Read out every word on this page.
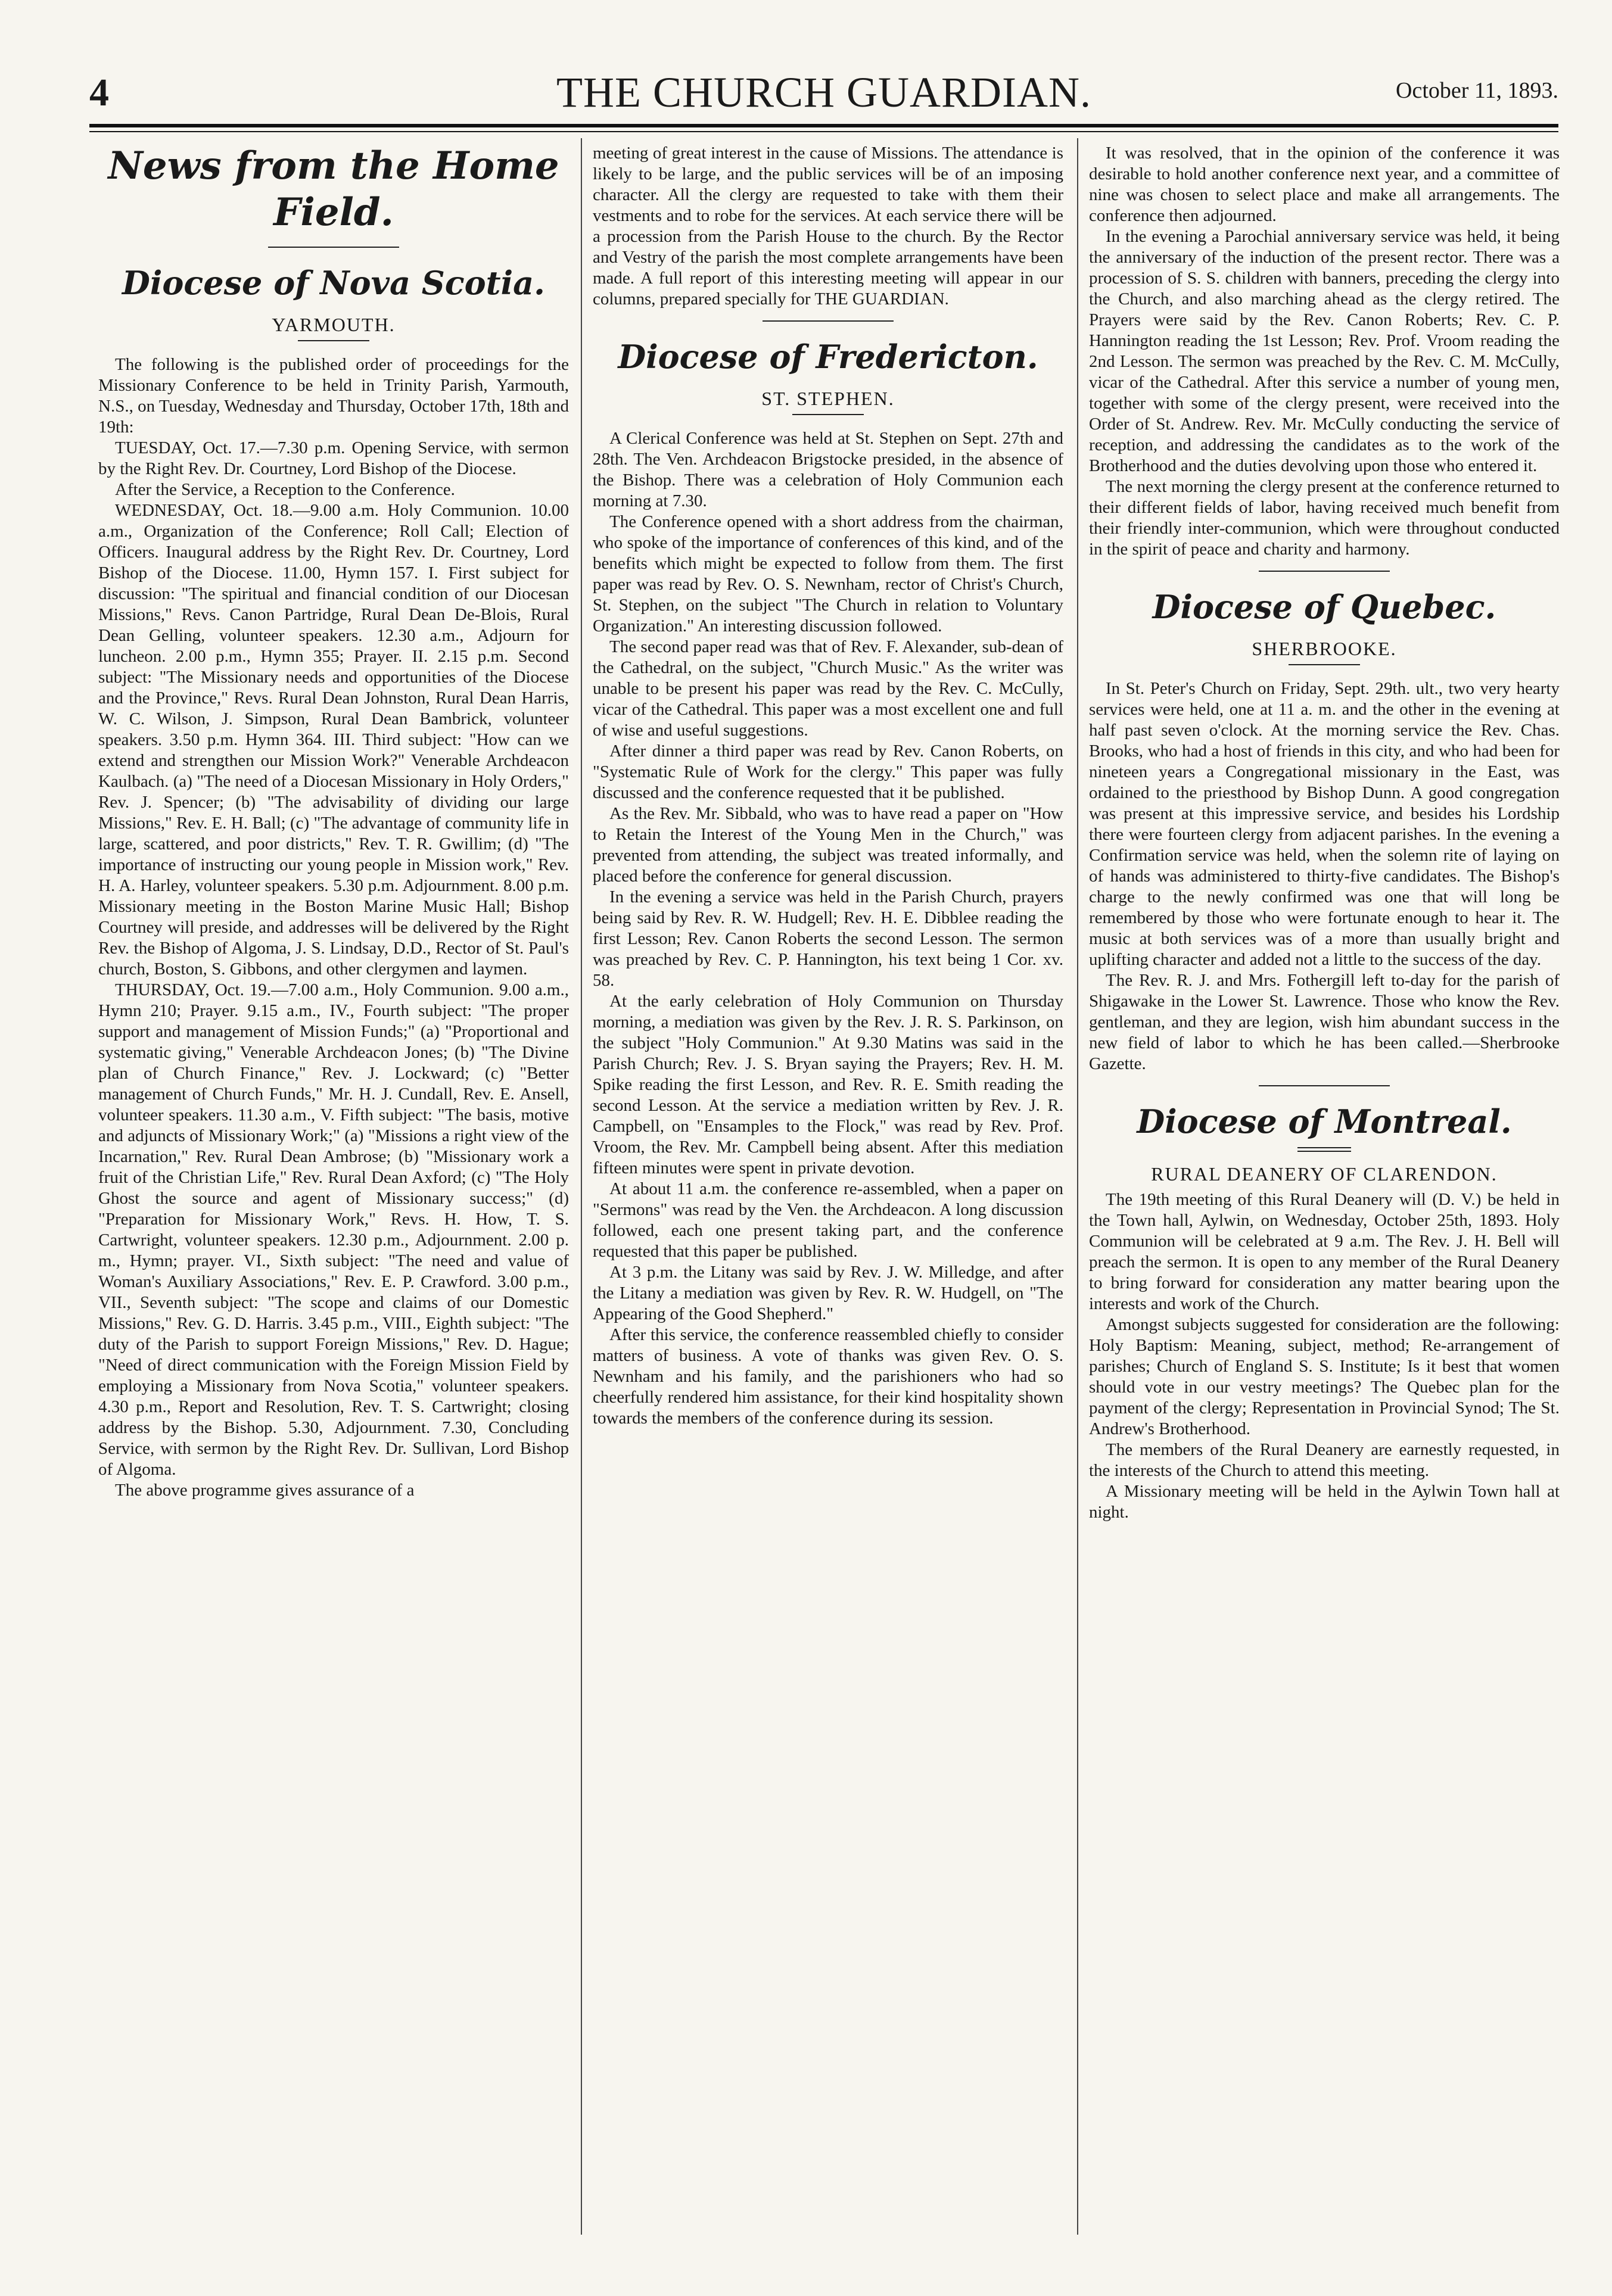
4	THE CHURCH GUARDIAN.	October 11, 1893.
News from the Home Field.
Diocese of Nova Scotia.
YARMOUTH.

The following is the published order of proceedings for the Missionary Conference to be held in Trinity Parish, Yarmouth, N.S., on Tuesday, Wednesday and Thursday, October 17th, 18th and 19th:

TUESDAY, Oct. 17.—7.30 p.m. Opening Service, with sermon by the Right Rev. Dr. Courtney, Lord Bishop of the Diocese.

After the Service, a Reception to the Conference.

WEDNESDAY, Oct. 18.—9.00 a.m. Holy Communion. 10.00 a.m., Organization of the Conference; Roll Call; Election of Officers. Inaugural address by the Right Rev. Dr. Courtney, Lord Bishop of the Diocese. 11.00, Hymn 157. I. First subject for discussion: "The spiritual and financial condition of our Diocesan Missions," Revs. Canon Partridge, Rural Dean De-Blois, Rural Dean Gelling, volunteer speakers. 12.30 a.m., Adjourn for luncheon. 2.00 p.m., Hymn 355; Prayer. II. 2.15 p.m. Second subject: "The Missionary needs and opportunities of the Diocese and the Province," Revs. Rural Dean Johnston, Rural Dean Harris, W. C. Wilson, J. Simpson, Rural Dean Bambrick, volunteer speakers. 3.50 p.m. Hymn 364. III. Third subject: "How can we extend and strengthen our Mission Work?" Venerable Archdeacon Kaulbach. (a) "The need of a Diocesan Missionary in Holy Orders," Rev. J. Spencer; (b) "The advisability of dividing our large Missions," Rev. E. H. Ball; (c) "The advantage of community life in large, scattered, and poor districts," Rev. T. R. Gwillim; (d) "The importance of instructing our young people in Mission work," Rev. H. A. Harley, volunteer speakers. 5.30 p.m. Adjournment. 8.00 p.m. Missionary meeting in the Boston Marine Music Hall; Bishop Courtney will preside, and addresses will be delivered by the Right Rev. the Bishop of Algoma, J. S. Lindsay, D.D., Rector of St. Paul's church, Boston, S. Gibbons, and other clergymen and laymen.

THURSDAY, Oct. 19.—7.00 a.m., Holy Communion. 9.00 a.m., Hymn 210; Prayer. 9.15 a.m., IV., Fourth subject: "The proper support and management of Mission Funds;" (a) "Proportional and systematic giving," Venerable Archdeacon Jones; (b) "The Divine plan of Church Finance," Rev. J. Lockward; (c) "Better management of Church Funds," Mr. H. J. Cundall, Rev. E. Ansell, volunteer speakers. 11.30 a.m., V. Fifth subject: "The basis, motive and adjuncts of Missionary Work;" (a) "Missions a right view of the Incarnation," Rev. Rural Dean Ambrose; (b) "Missionary work a fruit of the Christian Life," Rev. Rural Dean Axford; (c) "The Holy Ghost the source and agent of Missionary success;" (d) "Preparation for Missionary Work," Revs. H. How, T. S. Cartwright, volunteer speakers. 12.30 p.m., Adjournment. 2.00 p. m., Hymn; prayer. VI., Sixth subject: "The need and value of Woman's Auxiliary Associations," Rev. E. P. Crawford. 3.00 p.m., VII., Seventh subject: "The scope and claims of our Domestic Missions," Rev. G. D. Harris. 3.45 p.m., VIII., Eighth subject: "The duty of the Parish to support Foreign Missions," Rev. D. Hague; "Need of direct communication with the Foreign Mission Field by employing a Missionary from Nova Scotia," volunteer speakers. 4.30 p.m., Report and Resolution, Rev. T. S. Cartwright; closing address by the Bishop. 5.30, Adjournment. 7.30, Concluding Service, with sermon by the Right Rev. Dr. Sullivan, Lord Bishop of Algoma.

The above programme gives assurance of a

meeting of great interest in the cause of Missions. The attendance is likely to be large, and the public services will be of an imposing character. All the clergy are requested to take with them their vestments and to robe for the services. At each service there will be a procession from the Parish House to the church. By the Rector and Vestry of the parish the most complete arrangements have been made. A full report of this interesting meeting will appear in our columns, prepared specially for THE GUARDIAN.

Diocese of Fredericton.
ST. STEPHEN.

A Clerical Conference was held at St. Stephen on Sept. 27th and 28th. The Ven. Archdeacon Brigstocke presided, in the absence of the Bishop. There was a celebration of Holy Communion each morning at 7.30.

The Conference opened with a short address from the chairman, who spoke of the importance of conferences of this kind, and of the benefits which might be expected to follow from them. The first paper was read by Rev. O. S. Newnham, rector of Christ's Church, St. Stephen, on the subject "The Church in relation to Voluntary Organization." An interesting discussion followed.

The second paper read was that of Rev. F. Alexander, sub-dean of the Cathedral, on the subject, "Church Music." As the writer was unable to be present his paper was read by the Rev. C. McCully, vicar of the Cathedral. This paper was a most excellent one and full of wise and useful suggestions.

After dinner a third paper was read by Rev. Canon Roberts, on "Systematic Rule of Work for the clergy." This paper was fully discussed and the conference requested that it be published.

As the Rev. Mr. Sibbald, who was to have read a paper on "How to Retain the Interest of the Young Men in the Church," was prevented from attending, the subject was treated informally, and placed before the conference for general discussion.

In the evening a service was held in the Parish Church, prayers being said by Rev. R. W. Hudgell; Rev. H. E. Dibblee reading the first Lesson; Rev. Canon Roberts the second Lesson. The sermon was preached by Rev. C. P. Hannington, his text being 1 Cor. xv. 58.

At the early celebration of Holy Communion on Thursday morning, a mediation was given by the Rev. J. R. S. Parkinson, on the subject "Holy Communion." At 9.30 Matins was said in the Parish Church; Rev. J. S. Bryan saying the Prayers; Rev. H. M. Spike reading the first Lesson, and Rev. R. E. Smith reading the second Lesson. At the service a mediation written by Rev. J. R. Campbell, on "Ensamples to the Flock," was read by Rev. Prof. Vroom, the Rev. Mr. Campbell being absent. After this mediation fifteen minutes were spent in private devotion.

At about 11 a.m. the conference re-assembled, when a paper on "Sermons" was read by the Ven. the Archdeacon. A long discussion followed, each one present taking part, and the conference requested that this paper be published.

At 3 p.m. the Litany was said by Rev. J. W. Milledge, and after the Litany a mediation was given by Rev. R. W. Hudgell, on "The Appearing of the Good Shepherd."

After this service, the conference reassembled chiefly to consider matters of business. A vote of thanks was given Rev. O. S. Newnham and his family, and the parishioners who had so cheerfully rendered him assistance, for their kind hospitality shown towards the members of the conference during its session.

It was resolved, that in the opinion of the conference it was desirable to hold another conference next year, and a committee of nine was chosen to select place and make all arrangements. The conference then adjourned.

In the evening a Parochial anniversary service was held, it being the anniversary of the induction of the present rector. There was a procession of S. S. children with banners, preceding the clergy into the Church, and also marching ahead as the clergy retired. The Prayers were said by the Rev. Canon Roberts; Rev. C. P. Hannington reading the 1st Lesson; Rev. Prof. Vroom reading the 2nd Lesson. The sermon was preached by the Rev. C. M. McCully, vicar of the Cathedral. After this service a number of young men, together with some of the clergy present, were received into the Order of St. Andrew. Rev. Mr. McCully conducting the service of reception, and addressing the candidates as to the work of the Brotherhood and the duties devolving upon those who entered it.

The next morning the clergy present at the conference returned to their different fields of labor, having received much benefit from their friendly inter-communion, which were throughout conducted in the spirit of peace and charity and harmony.

Diocese of Quebec.
SHERBROOKE.

In St. Peter's Church on Friday, Sept. 29th. ult., two very hearty services were held, one at 11 a. m. and the other in the evening at half past seven o'clock. At the morning service the Rev. Chas. Brooks, who had a host of friends in this city, and who had been for nineteen years a Congregational missionary in the East, was ordained to the priesthood by Bishop Dunn. A good congregation was present at this impressive service, and besides his Lordship there were fourteen clergy from adjacent parishes. In the evening a Confirmation service was held, when the solemn rite of laying on of hands was administered to thirty-five candidates. The Bishop's charge to the newly confirmed was one that will long be remembered by those who were fortunate enough to hear it. The music at both services was of a more than usually bright and uplifting character and added not a little to the success of the day.

The Rev. R. J. and Mrs. Fothergill left to-day for the parish of Shigawake in the Lower St. Lawrence. Those who know the Rev. gentleman, and they are legion, wish him abundant success in the new field of labor to which he has been called.—Sherbrooke Gazette.

Diocese of Montreal.
RURAL DEANERY OF CLARENDON.

The 19th meeting of this Rural Deanery will (D. V.) be held in the Town hall, Aylwin, on Wednesday, October 25th, 1893. Holy Communion will be celebrated at 9 a.m. The Rev. J. H. Bell will preach the sermon. It is open to any member of the Rural Deanery to bring forward for consideration any matter bearing upon the interests and work of the Church.

Amongst subjects suggested for consideration are the following: Holy Baptism: Meaning, subject, method; Re-arrangement of parishes; Church of England S. S. Institute; Is it best that women should vote in our vestry meetings? The Quebec plan for the payment of the clergy; Representation in Provincial Synod; The St. Andrew's Brotherhood.

The members of the Rural Deanery are earnestly requested, in the interests of the Church to attend this meeting.

A Missionary meeting will be held in the Aylwin Town hall at night.
